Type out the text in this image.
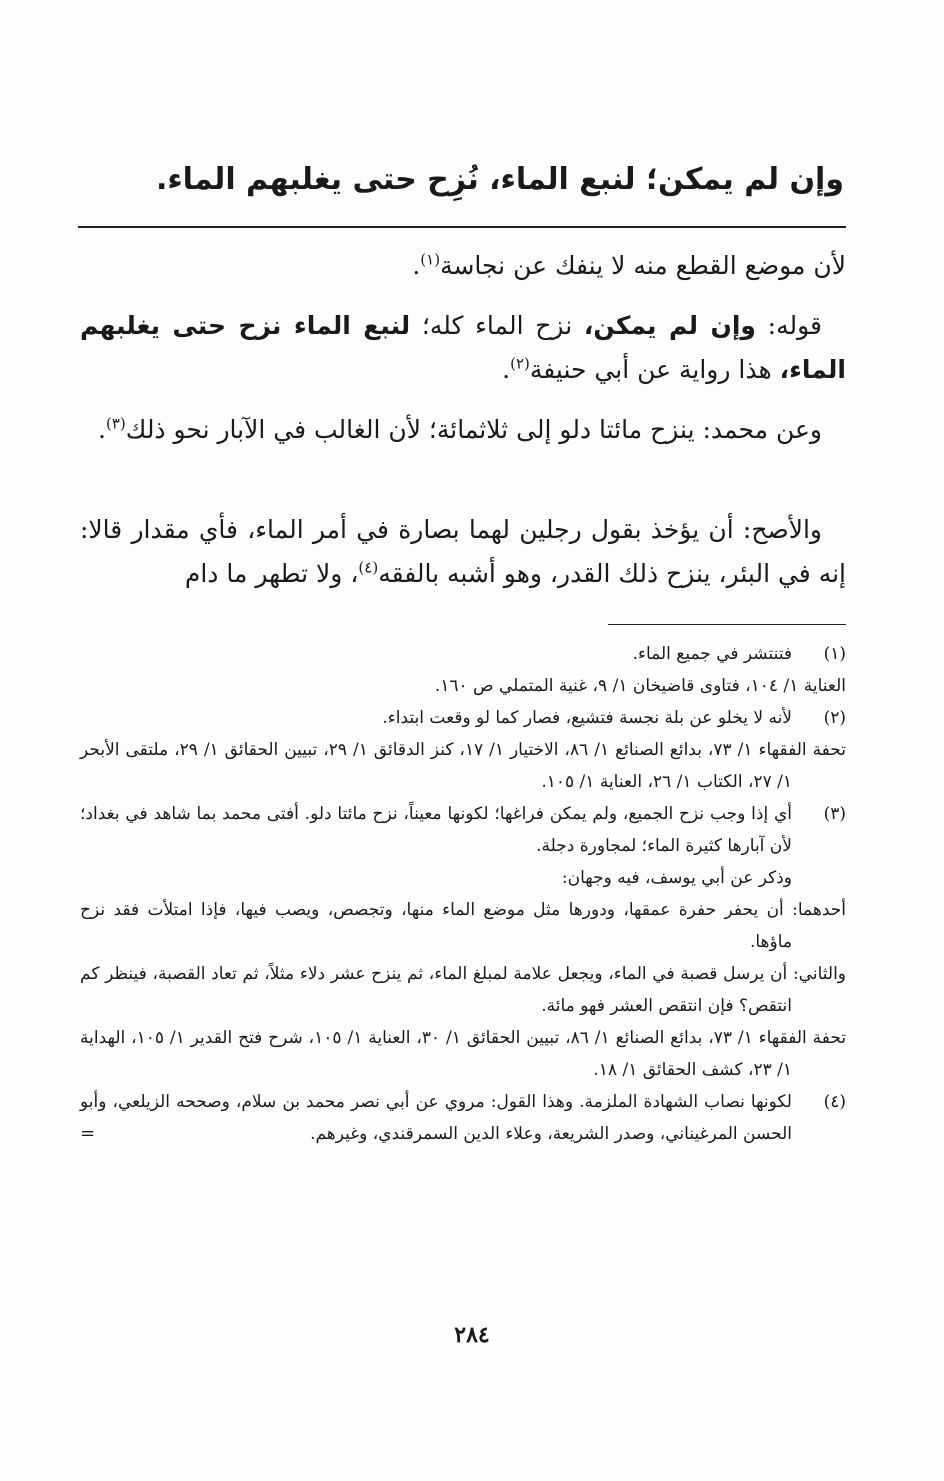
وإن لم يمكن؛ لنبع الماء، نُزِح حتى يغلبهم الماء.
لأن موضع القطع منه لا ينفك عن نجاسة$^{(١)}$.
قوله: وإن لم يمكن، نزح الماء كله؛ لنبع الماء نزح حتى يغلبهم الماء، هذا رواية عن أبي حنيفة$^{(٢)}$.
وعن محمد: ينزح مائتا دلو إلى ثلاثمائة؛ لأن الغالب في الآبار نحو ذلك$^{(٣)}$.
والأصح: أن يؤخذ بقول رجلين لهما بصارة في أمر الماء، فأي مقدار قالا: إنه في البئر، ينزح ذلك القدر، وهو أشبه بالفقه$^{(٤)}$، ولا تطهر ما دام
(١)
فتنتشر في جميع الماء.
العناية ١/ ١٠٤، فتاوى قاضيخان ١/ ٩، غنية المتملي ص ١٦٠.
(٢)
لأنه لا يخلو عن بلة نجسة فتشيع، فصار كما لو وقعت ابتداء.
تحفة الفقهاء ١/ ٧٣، بدائع الصنائع ١/ ٨٦، الاختيار ١/ ١٧، كنز الدقائق ١/ ٢٩، تبيين الحقائق ١/ ٢٩، ملتقى الأبحر ١/ ٢٧، الكتاب ١/ ٢٦، العناية ١/ ١٠٥.
(٣)
أي إذا وجب نزح الجميع، ولم يمكن فراغها؛ لكونها معيناً، نزح مائتا دلو. أفتى محمد بما شاهد في بغداد؛ لأن آبارها كثيرة الماء؛ لمجاورة دجلة.
وذكر عن أبي يوسف، فيه وجهان:
أحدهما: أن يحفر حفرة عمقها، ودورها مثل موضع الماء منها، وتجصص، ويصب فيها، فإذا امتلأت فقد نزح ماؤها.
والثاني: أن يرسل قصبة في الماء، ويجعل علامة لمبلغ الماء، ثم ينزح عشر دلاء مثلاً، ثم تعاد القصبة، فينظر كم انتقص؟ فإن انتقص العشر فهو مائة.
تحفة الفقهاء ١/ ٧٣، بدائع الصنائع ١/ ٨٦، تبيين الحقائق ١/ ٣٠، العناية ١/ ١٠٥، شرح فتح القدير ١/ ١٠٥، الهداية ١/ ٢٣، كشف الحقائق ١/ ١٨.
(٤)
لكونها نصاب الشهادة الملزمة. وهذا القول: مروي عن أبي نصر محمد بن سلام، وصححه الزيلعي، وأبو الحسن المرغيناني، وصدر الشريعة، وعلاء الدين السمرقندي، وغيرهم.
=
٢٨٤
